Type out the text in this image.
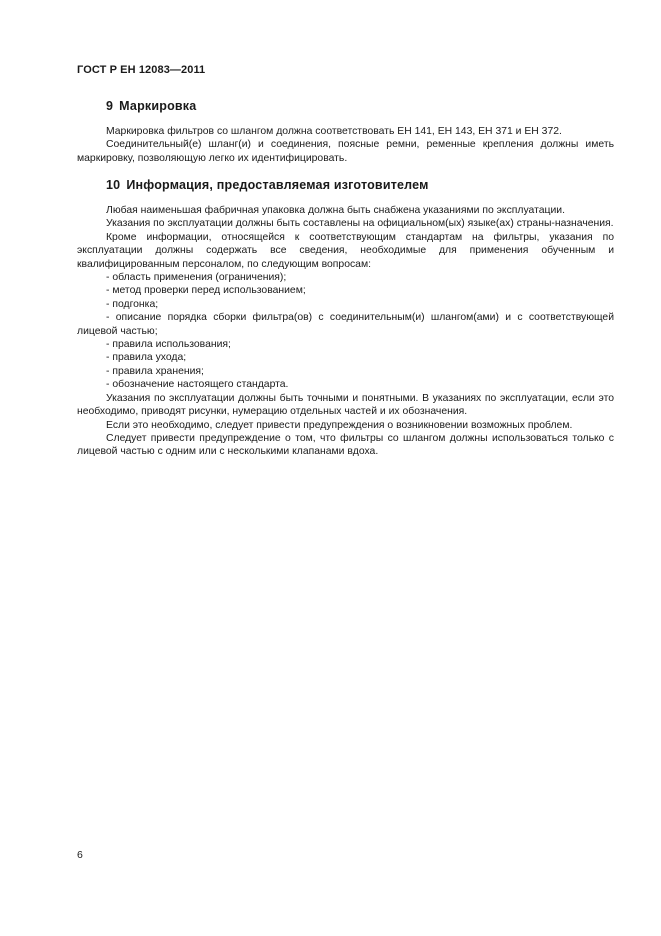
ГОСТ Р ЕН 12083—2011
9 Маркировка

Маркировка фильтров со шлангом должна соответствовать ЕН 141, ЕН 143, ЕН 371 и ЕН 372.

Соединительный(е) шланг(и) и соединения, поясные ремни, ременные крепления должны иметь маркировку, позволяющую легко их идентифицировать.

10 Информация, предоставляемая изготовителем

Любая наименьшая фабричная упаковка должна быть снабжена указаниями по эксплуатации.

Указания по эксплуатации должны быть составлены на официальном(ых) языке(ах) страны-назначения.

Кроме информации, относящейся к соответствующим стандартам на фильтры, указания по эксплуатации должны содержать все сведения, необходимые для применения обученным и квалифицированным персоналом, по следующим вопросам:

- область применения (ограничения);

- метод проверки перед использованием;

- подгонка;

- описание порядка сборки фильтра(ов) с соединительным(и) шлангом(ами) и с соответствующей лицевой частью;

- правила использования;

- правила ухода;

- правила хранения;

- обозначение настоящего стандарта.

Указания по эксплуатации должны быть точными и понятными. В указаниях по эксплуатации, если это необходимо, приводят рисунки, нумерацию отдельных частей и их обозначения.

Если это необходимо, следует привести предупреждения о возникновении возможных проблем.

Следует привести предупреждение о том, что фильтры со шлангом должны использоваться только с лицевой частью с одним или с несколькими клапанами вдоха.

6
